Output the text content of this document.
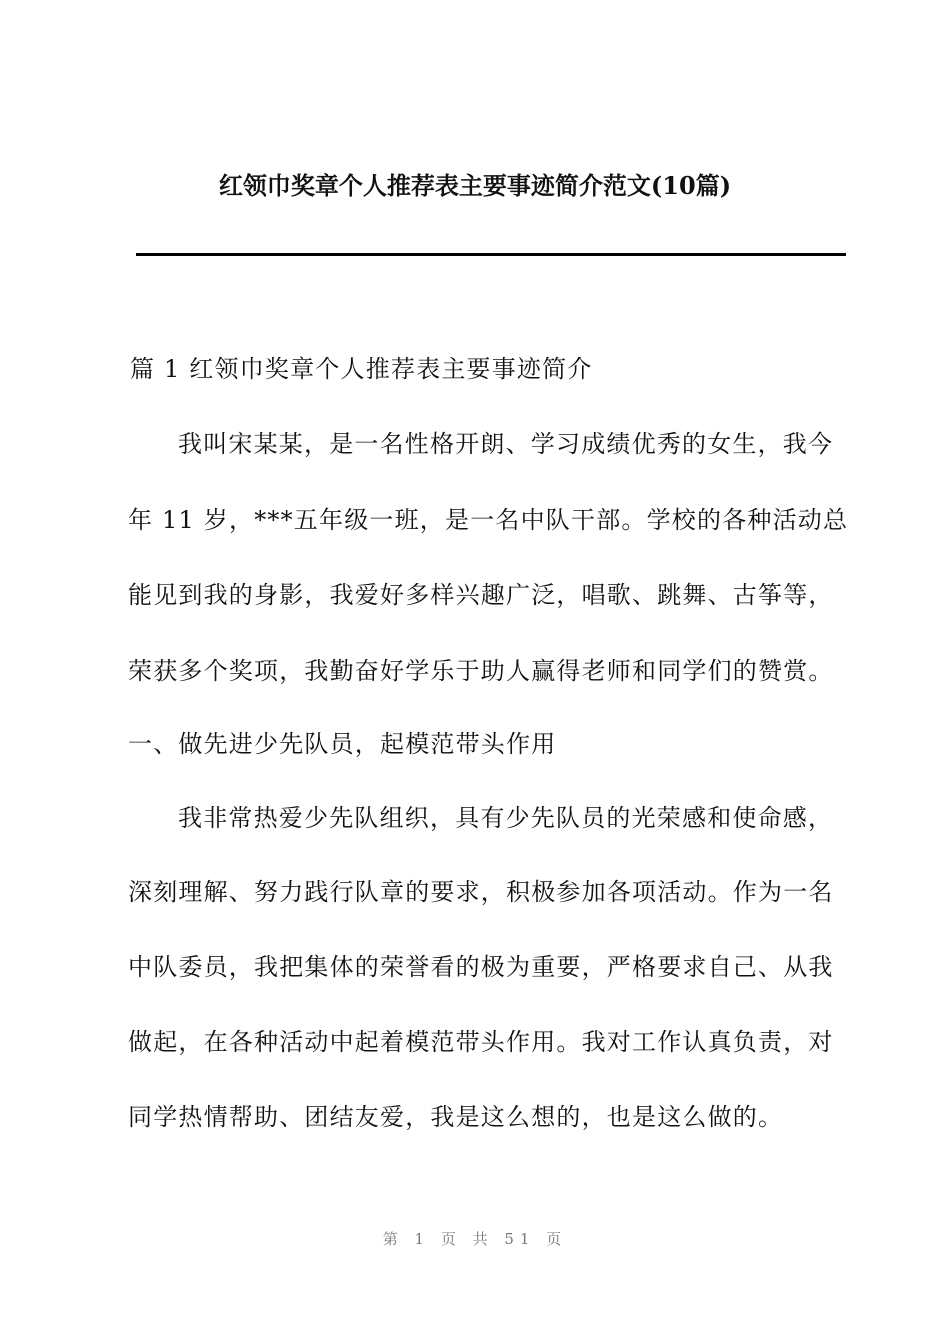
红领巾奖章个人推荐表主要事迹简介范文(10篇)
篇 1 红领巾奖章个人推荐表主要事迹简介
我叫宋某某，是一名性格开朗、学习成绩优秀的女生，我今
年 11 岁，***五年级一班，是一名中队干部。学校的各种活动总
能见到我的身影，我爱好多样兴趣广泛，唱歌、跳舞、古筝等，
荣获多个奖项，我勤奋好学乐于助人赢得老师和同学们的赞赏。
一、做先进少先队员，起模范带头作用
我非常热爱少先队组织，具有少先队员的光荣感和使命感，
深刻理解、努力践行队章的要求，积极参加各项活动。作为一名
中队委员，我把集体的荣誉看的极为重要，严格要求自己、从我
做起，在各种活动中起着模范带头作用。我对工作认真负责，对
同学热情帮助、团结友爱，我是这么想的，也是这么做的。
第 1 页 共 51 页
